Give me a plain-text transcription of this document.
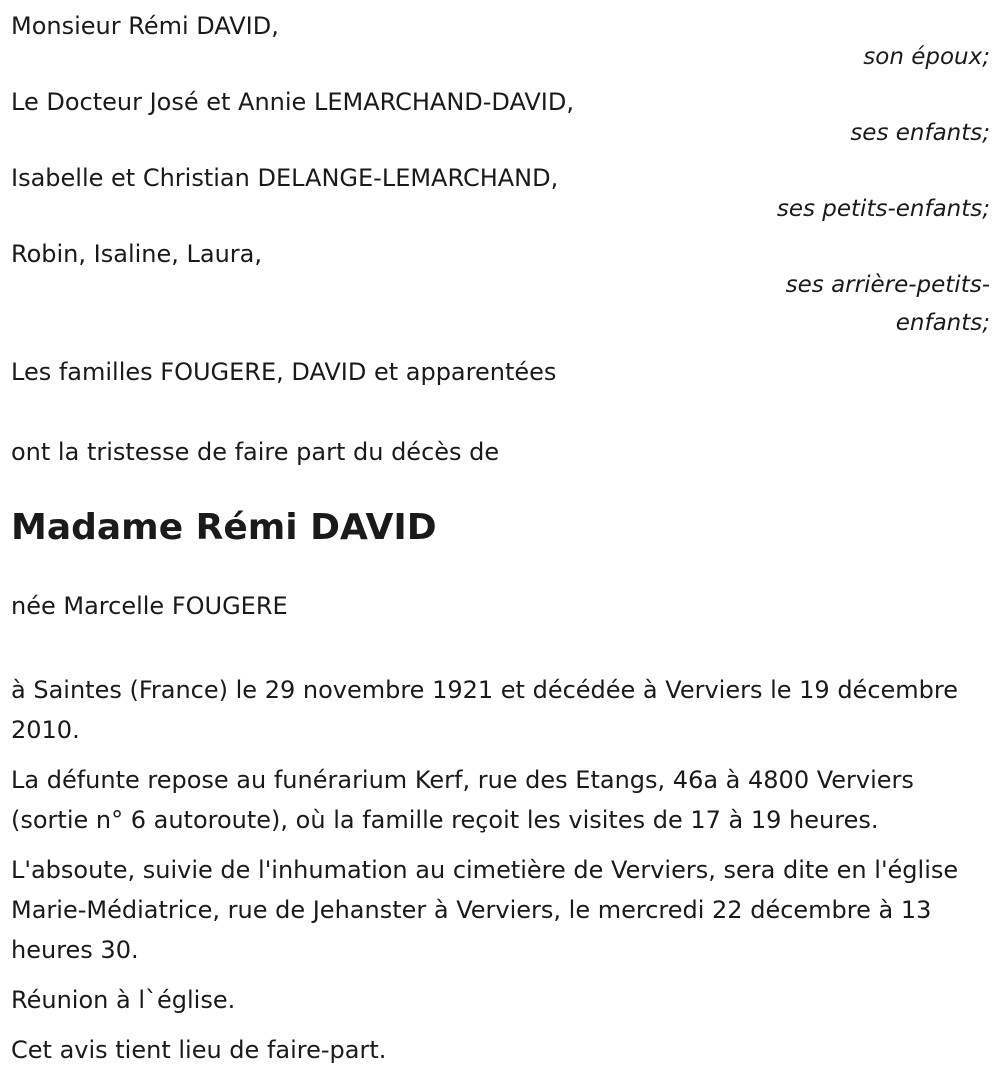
Monsieur Rémi DAVID,

son époux;

Le Docteur José et Annie LEMARCHAND-DAVID,

ses enfants;

Isabelle et Christian DELANGE-LEMARCHAND,

ses petits-enfants;

Robin, Isaline, Laura,

ses arrière-petits-enfants;

Les familles FOUGERE, DAVID et apparentées

ont la tristesse de faire part du décès de

Madame Rémi DAVID

née Marcelle FOUGERE

à Saintes (France) le 29 novembre 1921 et décédée à Verviers le 19 décembre 2010.

La défunte repose au funérarium Kerf, rue des Etangs, 46a à 4800 Verviers (sortie n° 6 autoroute), où la famille reçoit les visites de 17 à 19 heures.

L'absoute, suivie de l'inhumation au cimetière de Verviers, sera dite en l'église Marie-Médiatrice, rue de Jehanster à Verviers, le mercredi 22 décembre à 13 heures 30.

Réunion à l`église.

Cet avis tient lieu de faire-part.
